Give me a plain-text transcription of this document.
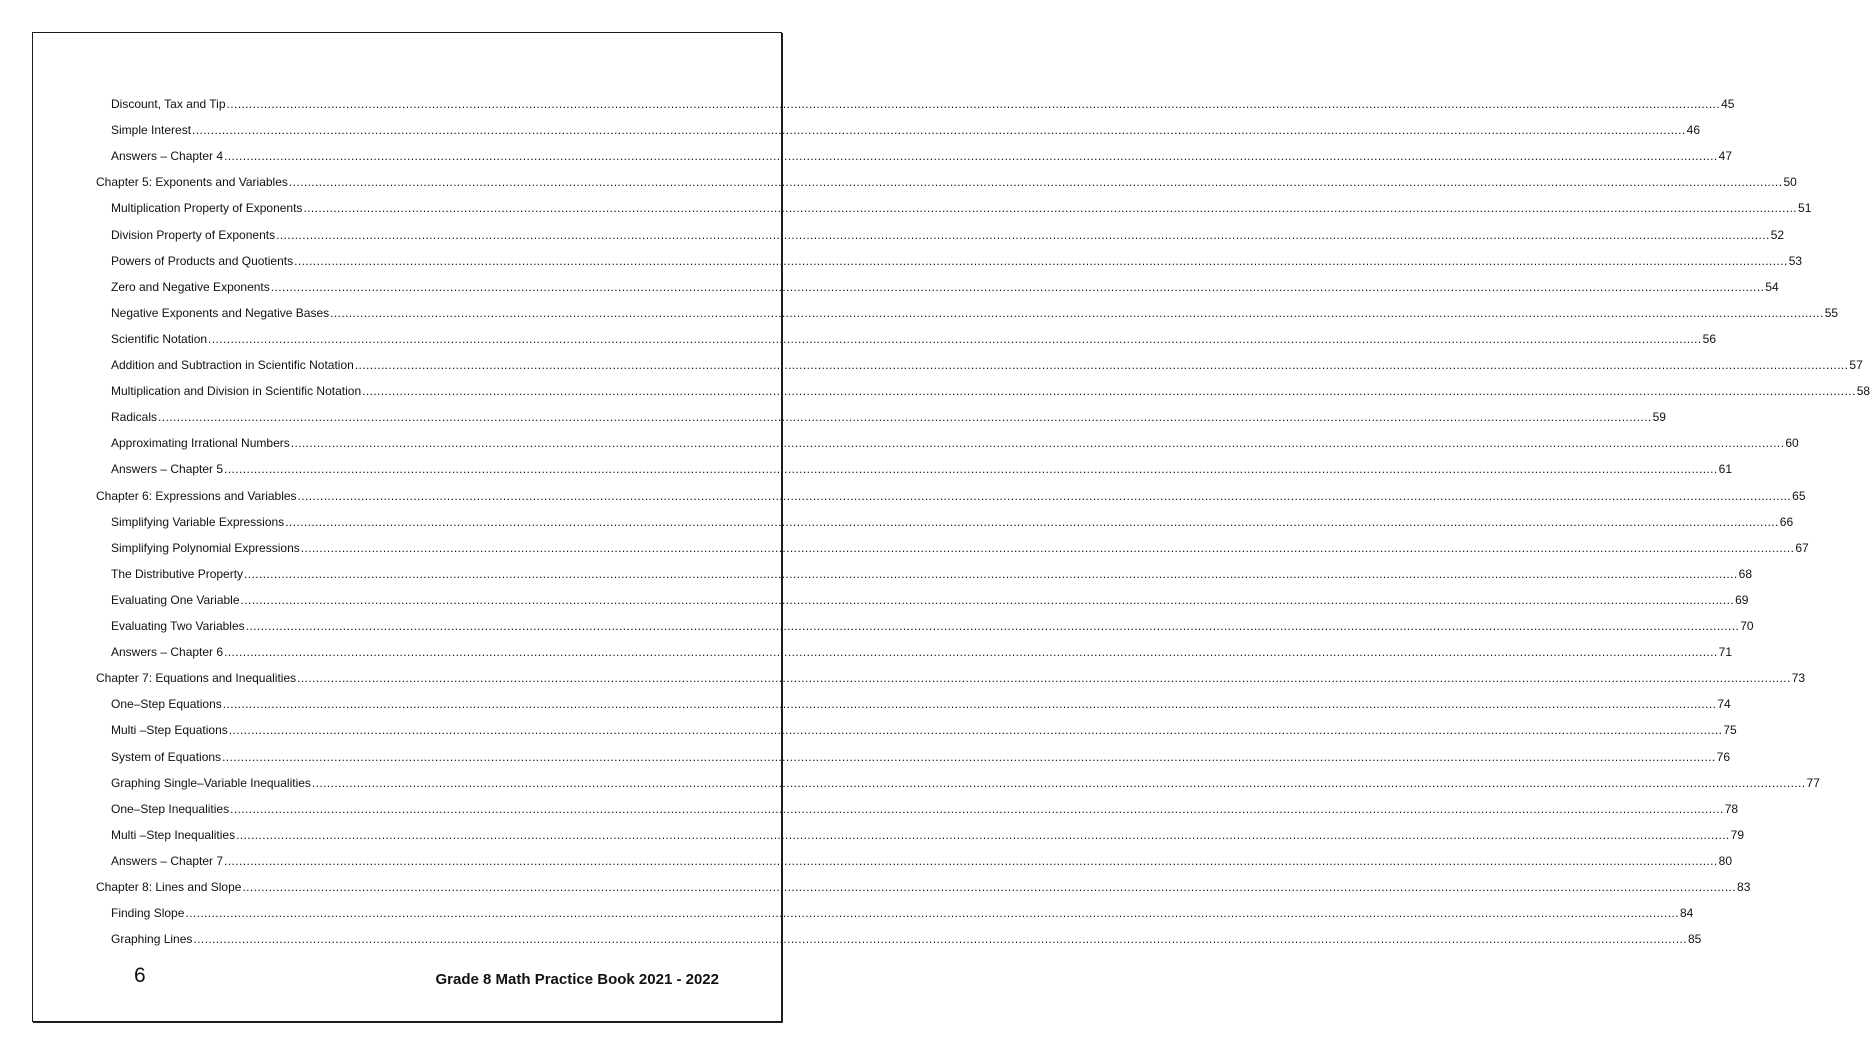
Discount, Tax and Tip ................................................................................................................................................................................................................................................................................................................................................................................................................ 45
Simple Interest ................................................................................................................................................................................................................................................................................................................................................................................................................ 46
Answers – Chapter 4 ................................................................................................................................................................................................................................................................................................................................................................................................................ 47
Chapter 5: Exponents and Variables ................................................................................................................................................................................................................................................................................................................................................................................................................ 50
Multiplication Property of Exponents ................................................................................................................................................................................................................................................................................................................................................................................................................ 51
Division Property of Exponents ................................................................................................................................................................................................................................................................................................................................................................................................................ 52
Powers of Products and Quotients ................................................................................................................................................................................................................................................................................................................................................................................................................ 53
Zero and Negative Exponents ................................................................................................................................................................................................................................................................................................................................................................................................................ 54
Negative Exponents and Negative Bases ................................................................................................................................................................................................................................................................................................................................................................................................................ 55
Scientific Notation ................................................................................................................................................................................................................................................................................................................................................................................................................ 56
Addition and Subtraction in Scientific Notation ................................................................................................................................................................................................................................................................................................................................................................................................................ 57
Multiplication and Division in Scientific Notation ................................................................................................................................................................................................................................................................................................................................................................................................................ 58
Radicals ................................................................................................................................................................................................................................................................................................................................................................................................................ 59
Approximating Irrational Numbers ................................................................................................................................................................................................................................................................................................................................................................................................................ 60
Answers – Chapter 5 ................................................................................................................................................................................................................................................................................................................................................................................................................ 61
Chapter 6: Expressions and Variables ................................................................................................................................................................................................................................................................................................................................................................................................................ 65
Simplifying Variable Expressions ................................................................................................................................................................................................................................................................................................................................................................................................................ 66
Simplifying Polynomial Expressions ................................................................................................................................................................................................................................................................................................................................................................................................................ 67
The Distributive Property ................................................................................................................................................................................................................................................................................................................................................................................................................ 68
Evaluating One Variable ................................................................................................................................................................................................................................................................................................................................................................................................................ 69
Evaluating Two Variables ................................................................................................................................................................................................................................................................................................................................................................................................................ 70
Answers – Chapter 6 ................................................................................................................................................................................................................................................................................................................................................................................................................ 71
Chapter 7: Equations and Inequalities ................................................................................................................................................................................................................................................................................................................................................................................................................ 73
One–Step Equations ................................................................................................................................................................................................................................................................................................................................................................................................................ 74
Multi –Step Equations ................................................................................................................................................................................................................................................................................................................................................................................................................ 75
System of Equations ................................................................................................................................................................................................................................................................................................................................................................................................................ 76
Graphing Single–Variable Inequalities ................................................................................................................................................................................................................................................................................................................................................................................................................ 77
One–Step Inequalities ................................................................................................................................................................................................................................................................................................................................................................................................................ 78
Multi –Step Inequalities ................................................................................................................................................................................................................................................................................................................................................................................................................ 79
Answers – Chapter 7 ................................................................................................................................................................................................................................................................................................................................................................................................................ 80
Chapter 8: Lines and Slope ................................................................................................................................................................................................................................................................................................................................................................................................................ 83
Finding Slope ................................................................................................................................................................................................................................................................................................................................................................................................................ 84
Graphing Lines ................................................................................................................................................................................................................................................................................................................................................................................................................ 85
6	Grade 8 Math Practice Book 2021 - 2022
